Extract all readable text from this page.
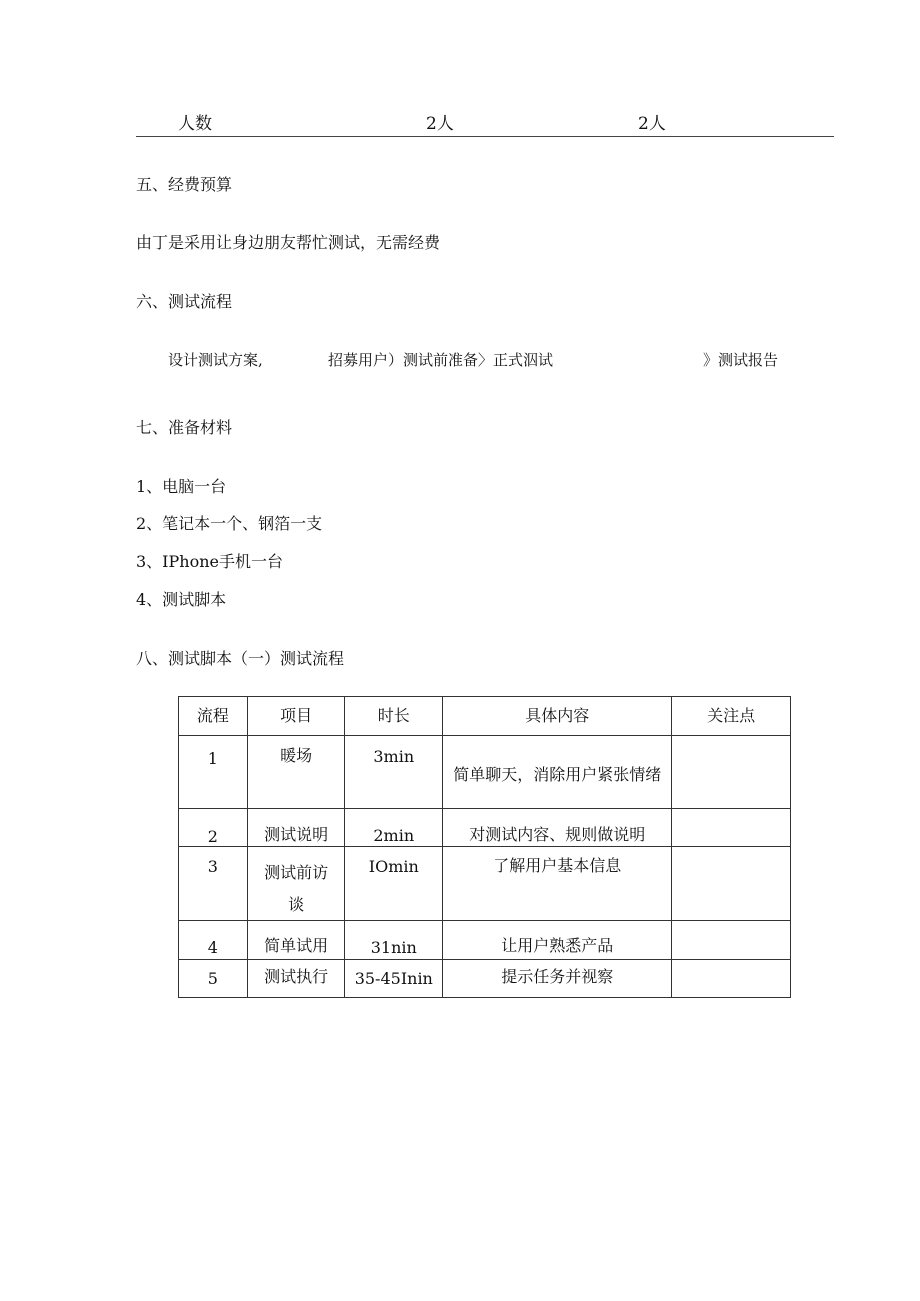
人数	2人	2人
五、经费预算
由丁是采用让身边朋友帮忙测试，无需经费
六、测试流程
设计测试方案,	招募用户）测试前准备〉正式泅试	》测试报告
七、准备材料
1、电脑一台
2、笔记本一个、钢箔一支
3、IPhone手机一台
4、测试脚本
八、测试脚本（一）测试流程
流程	项目	时长	具体内容	关注点

1	暖场	3min	简单聊天，消除用户紧张情绪	

2	测试说明	2min	对测试内容、规则做说明	

3	测试前访谈	IOmin	了解用户基本信息	

4	简单试用	31nin	让用户熟悉产品	

5	测试执行	35-45Inin	提示任务并视察	
